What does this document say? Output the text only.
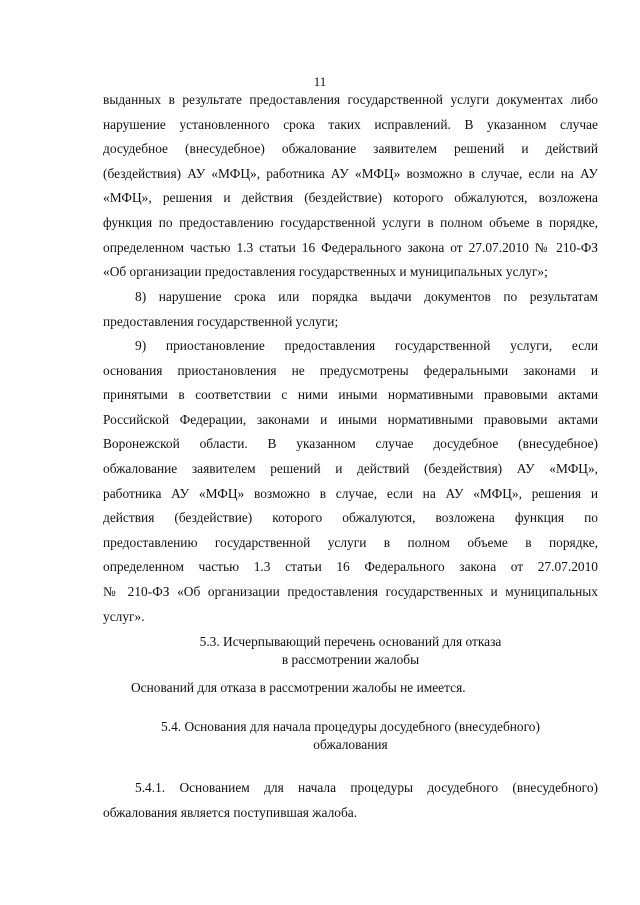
11
выданных в результате предоставления государственной услуги документах либо
нарушение установленного срока таких исправлений. В указанном случае
досудебное (внесудебное) обжалование заявителем решений и действий
(бездействия) АУ «МФЦ», работника АУ «МФЦ» возможно в случае, если на АУ
«МФЦ», решения и действия (бездействие) которого обжалуются, возложена
функция по предоставлению государственной услуги в полном объеме в порядке,
определенном частью 1.3 статьи 16 Федерального закона от 27.07.2010 № 210-ФЗ
«Об организации предоставления государственных и муниципальных услуг»;
8) нарушение срока или порядка выдачи документов по результатам
предоставления государственной услуги;
9) приостановление предоставления государственной услуги, если
основания приостановления не предусмотрены федеральными законами и
принятыми в соответствии с ними иными нормативными правовыми актами
Российской Федерации, законами и иными нормативными правовыми актами
Воронежской области. В указанном случае досудебное (внесудебное)
обжалование заявителем решений и действий (бездействия) АУ «МФЦ»,
работника АУ «МФЦ» возможно в случае, если на АУ «МФЦ», решения и
действия (бездействие) которого обжалуются, возложена функция по
предоставлению государственной услуги в полном объеме в порядке,
определенном частью 1.3 статьи 16 Федерального закона от 27.07.2010
№ 210-ФЗ «Об организации предоставления государственных и муниципальных
услуг».
5.3. Исчерпывающий перечень оснований для отказа
в рассмотрении жалобы
Оснований для отказа в рассмотрении жалобы не имеется.
5.4. Основания для начала процедуры досудебного (внесудебного)
обжалования
5.4.1. Основанием для начала процедуры досудебного (внесудебного)
обжалования является поступившая жалоба.
